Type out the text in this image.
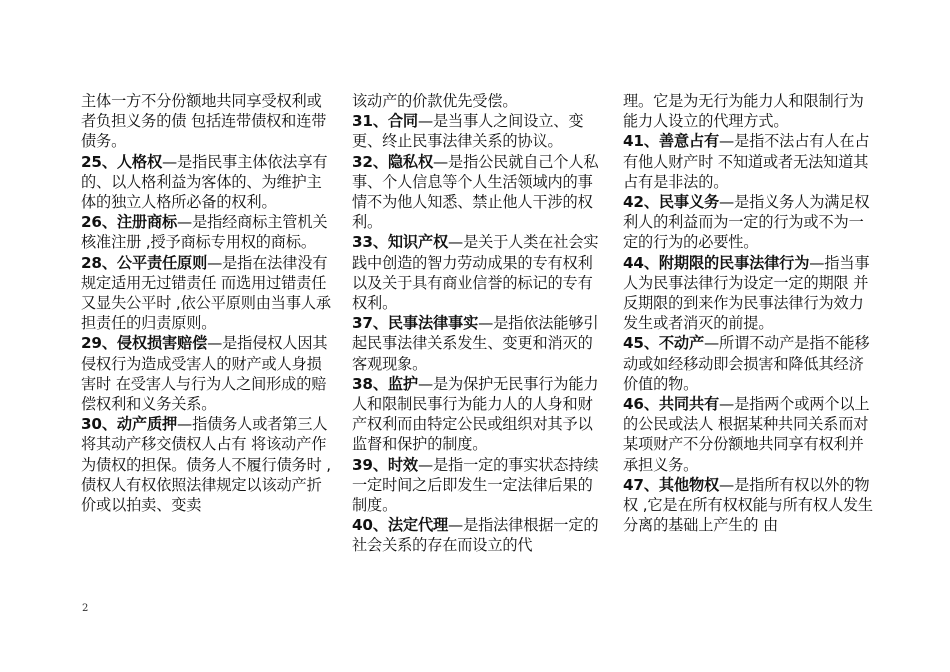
主体一方不分份额地共同享受权利或者负担义务的债 包括连带债权和连带债务。

25、人格权—是指民事主体依法享有的、以人格利益为客体的、为维护主体的独立人格所必备的权利。

26、注册商标—是指经商标主管机关核准注册 ,授予商标专用权的商标。

28、公平责任原则—是指在法律没有规定适用无过错责任 而选用过错责任又显失公平时 ,依公平原则由当事人承担责任的归责原则。

29、侵权损害赔偿—是指侵权人因其侵权行为造成受害人的财产或人身损害时 在受害人与行为人之间形成的赔偿权利和义务关系。

30、动产质押—指债务人或者第三人将其动产移交债权人占有 将该动产作为债权的担保。债务人不履行债务时 ,债权人有权依照法律规定以该动产折价或以拍卖、变卖

该动产的价款优先受偿。

31、合同—是当事人之间设立、变更、终止民事法律关系的协议。

32、隐私权—是指公民就自己个人私事、个人信息等个人生活领域内的事情不为他人知悉、禁止他人干涉的权利。

33、知识产权—是关于人类在社会实践中创造的智力劳动成果的专有权利 以及关于具有商业信誉的标记的专有权利。

37、民事法律事实—是指依法能够引起民事法律关系发生、变更和消灭的客观现象。

38、监护—是为保护无民事行为能力人和限制民事行为能力人的人身和财产权利而由特定公民或组织对其予以监督和保护的制度。

39、时效—是指一定的事实状态持续一定时间之后即发生一定法律后果的制度。

40、法定代理—是指法律根据一定的社会关系的存在而设立的代

理。它是为无行为能力人和限制行为能力人设立的代理方式。

41、善意占有—是指不法占有人在占有他人财产时 不知道或者无法知道其占有是非法的。

42、民事义务—是指义务人为满足权利人的利益而为一定的行为或不为一定的行为的必要性。

44、附期限的民事法律行为—指当事人为民事法律行为设定一定的期限 并反期限的到来作为民事法律行为效力发生或者消灭的前提。

45、不动产—所谓不动产是指不能移动或如经移动即会损害和降低其经济价值的物。

46、共同共有—是指两个或两个以上的公民或法人 根据某种共同关系而对某项财产不分份额地共同享有权利并承担义务。

47、其他物权—是指所有权以外的物权 ,它是在所有权权能与所有权人发生分离的基础上产生的 由

2
